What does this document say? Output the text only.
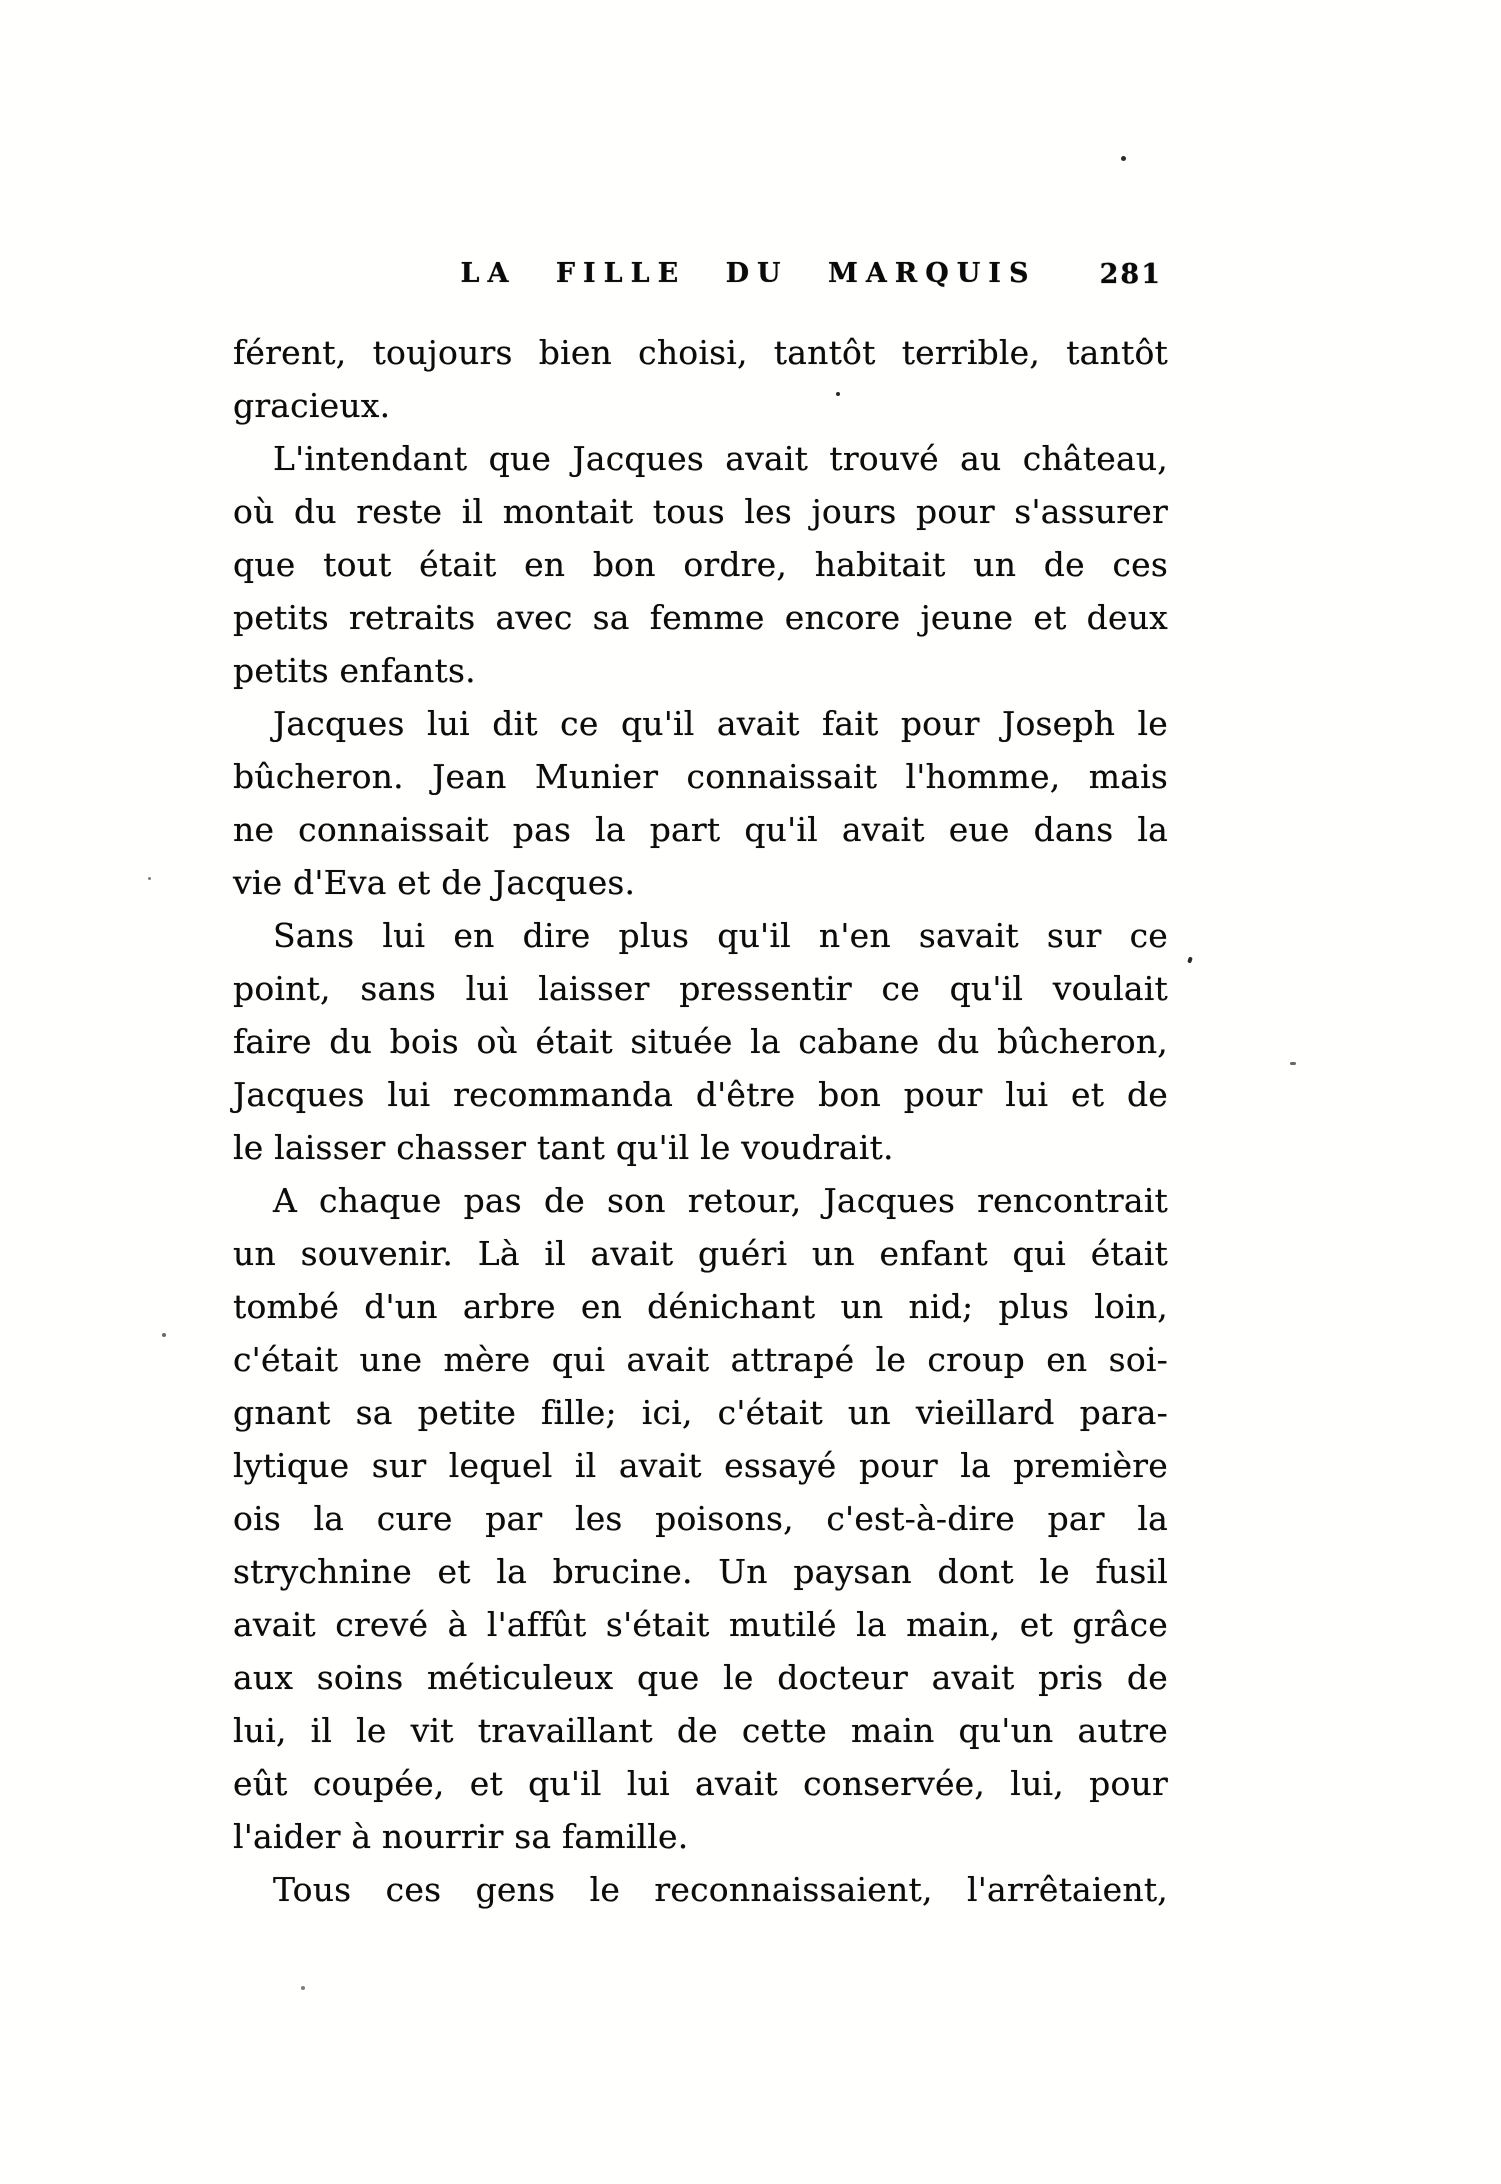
LA FILLE DU MARQUIS	281
férent, toujours bien choisi, tantôt terrible, tantôt
gracieux.
L'intendant que Jacques avait trouvé au château,
où du reste il montait tous les jours pour s'assurer
que tout était en bon ordre, habitait un de ces
petits retraits avec sa femme encore jeune et deux
petits enfants.
Jacques lui dit ce qu'il avait fait pour Joseph le
bûcheron. Jean Munier connaissait l'homme, mais
ne connaissait pas la part qu'il avait eue dans la
vie d'Eva et de Jacques.
Sans lui en dire plus qu'il n'en savait sur ce
point, sans lui laisser pressentir ce qu'il voulait
faire du bois où était située la cabane du bûcheron,
Jacques lui recommanda d'être bon pour lui et de
le laisser chasser tant qu'il le voudrait.
A chaque pas de son retour, Jacques rencontrait
un souvenir. Là il avait guéri un enfant qui était
tombé d'un arbre en dénichant un nid; plus loin,
c'était une mère qui avait attrapé le croup en soi-
gnant sa petite fille; ici, c'était un vieillard para-
lytique sur lequel il avait essayé pour la première
ois la cure par les poisons, c'est-à-dire par la
strychnine et la brucine. Un paysan dont le fusil
avait crevé à l'affût s'était mutilé la main, et grâce
aux soins méticuleux que le docteur avait pris de
lui, il le vit travaillant de cette main qu'un autre
eût coupée, et qu'il lui avait conservée, lui, pour
l'aider à nourrir sa famille.
Tous ces gens le reconnaissaient, l'arrêtaient,
